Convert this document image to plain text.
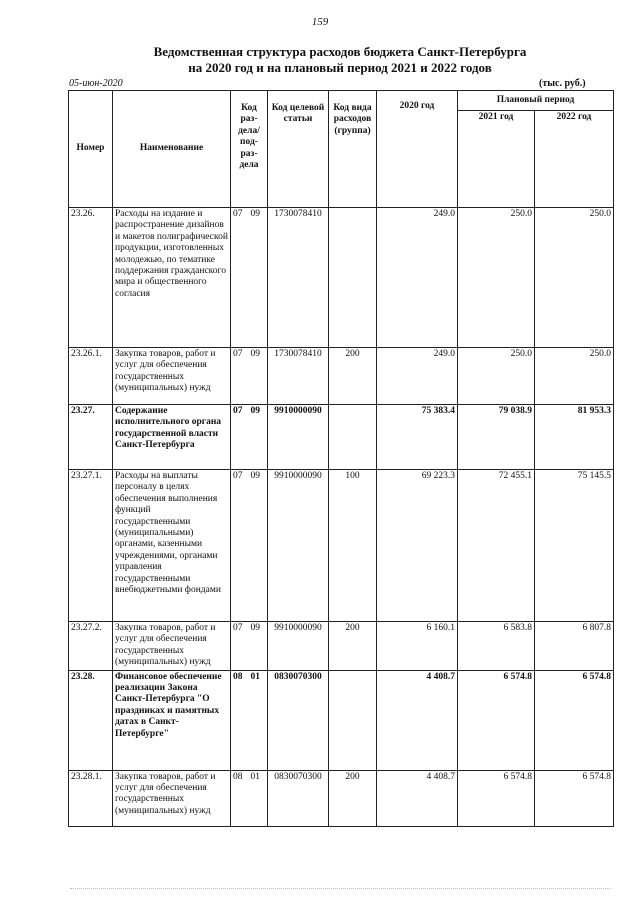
159
Ведомственная структура расходов бюджета Санкт-Петербурга
на 2020 год и на плановый период 2021 и 2022 годов
05-июн-2020	(тыс. руб.)
Номер	Наименование	Код раз- дела/ под- раз- дела	Код целевой статьи	Код вида расходов (группа)	2020 год	Плановый период	
						2021 год	2022 год
23.26.	Расходы на издание и распространение дизайнов и макетов полиграфической продукции, изготовленных молодежью, по тематике поддержания гражданского мира и общественного согласия	07 09	1730078410		249.0	250.0	250.0
23.26.1.	Закупка товаров, работ и услуг для обеспечения государственных (муниципальных) нужд	07 09	1730078410	200	249.0	250.0	250.0
23.27.	Содержание исполнительного органа государственной власти Санкт-Петербурга	07 09	9910000090		75 383.4	79 038.9	81 953.3
23.27.1.	Расходы на выплаты персоналу в целях обеспечения выполнения функций государственными (муниципальными) органами, казенными учреждениями, органами управления государственными внебюджетными фондами	07 09	9910000090	100	69 223.3	72 455.1	75 145.5
23.27.2.	Закупка товаров, работ и услуг для обеспечения государственных (муниципальных) нужд	07 09	9910000090	200	6 160.1	6 583.8	6 807.8
23.28.	Финансовое обеспечение реализации Закона Санкт-Петербурга "О праздниках и памятных датах в Санкт-Петербурге"	08 01	0830070300		4 408.7	6 574.8	6 574.8
23.28.1.	Закупка товаров, работ и услуг для обеспечения государственных (муниципальных) нужд	08 01	0830070300	200	4 408.7	6 574.8	6 574.8
